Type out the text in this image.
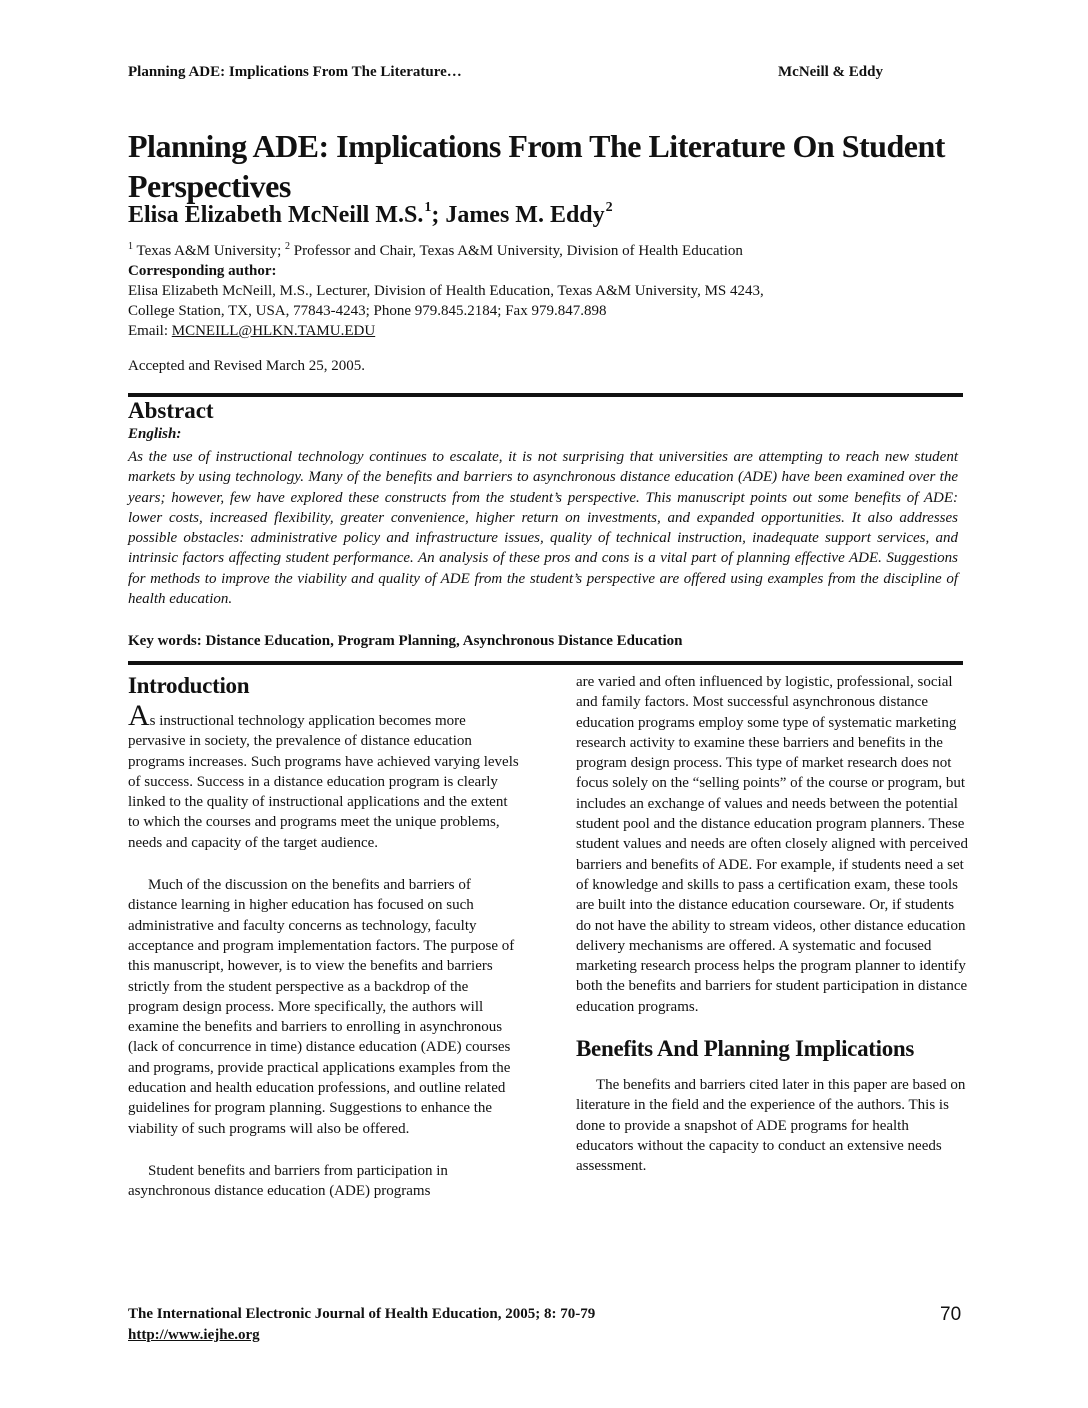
Planning ADE: Implications From The Literature…	McNeill & Eddy
Planning ADE: Implications From The Literature On Student Perspectives
Elisa Elizabeth McNeill M.S.$^1$; James M. Eddy$^2$
$^1$ Texas A&M University; $^2$ Professor and Chair, Texas A&M University, Division of Health Education
Corresponding author:
Elisa Elizabeth McNeill, M.S., Lecturer, Division of Health Education, Texas A&M University, MS 4243,
College Station, TX, USA, 77843-4243; Phone 979.845.2184; Fax 979.847.898
Email: MCNEILL@HLKN.TAMU.EDU
Accepted and Revised March 25, 2005.
Abstract
English:

As the use of instructional technology continues to escalate, it is not surprising that universities are attempting to reach new student markets by using technology. Many of the benefits and barriers to asynchronous distance education (ADE) have been examined over the years; however, few have explored these constructs from the student’s perspective. This manuscript points out some benefits of ADE: lower costs, increased flexibility, greater convenience, higher return on investments, and expanded opportunities. It also addresses possible obstacles: administrative policy and infrastructure issues, quality of technical instruction, inadequate support services, and intrinsic factors affecting student performance. An analysis of these pros and cons is a vital part of planning effective ADE. Suggestions for methods to improve the viability and quality of ADE from the student’s perspective are offered using examples from the discipline of health education.

Key words: Distance Education, Program Planning, Asynchronous Distance Education
Introduction

As instructional technology application becomes more pervasive in society, the prevalence of distance education programs increases. Such programs have achieved varying levels of success. Success in a distance education program is clearly linked to the quality of instructional applications and the extent to which the courses and programs meet the unique problems, needs and capacity of the target audience.

Much of the discussion on the benefits and barriers of distance learning in higher education has focused on such administrative and faculty concerns as technology, faculty acceptance and program implementation factors. The purpose of this manuscript, however, is to view the benefits and barriers strictly from the student perspective as a backdrop of the program design process. More specifically, the authors will examine the benefits and barriers to enrolling in asynchronous (lack of concurrence in time) distance education (ADE) courses and programs, provide practical applications examples from the education and health education professions, and outline related guidelines for program planning. Suggestions to enhance the viability of such programs will also be offered.

Student benefits and barriers from participation in asynchronous distance education (ADE) programs

are varied and often influenced by logistic, professional, social and family factors. Most successful asynchronous distance education programs employ some type of systematic marketing research activity to examine these barriers and benefits in the program design process. This type of market research does not focus solely on the “selling points” of the course or program, but includes an exchange of values and needs between the potential student pool and the distance education program planners. These student values and needs are often closely aligned with perceived barriers and benefits of ADE. For example, if students need a set of knowledge and skills to pass a certification exam, these tools are built into the distance education courseware. Or, if students do not have the ability to stream videos, other distance education delivery mechanisms are offered. A systematic and focused marketing research process helps the program planner to identify both the benefits and barriers for student participation in distance education programs.

Benefits And Planning Implications

The benefits and barriers cited later in this paper are based on literature in the field and the experience of the authors. This is done to provide a snapshot of ADE programs for health educators without the capacity to conduct an extensive needs assessment.

The International Electronic Journal of Health Education, 2005; 8: 70-79
http://www.iejhe.org
70
